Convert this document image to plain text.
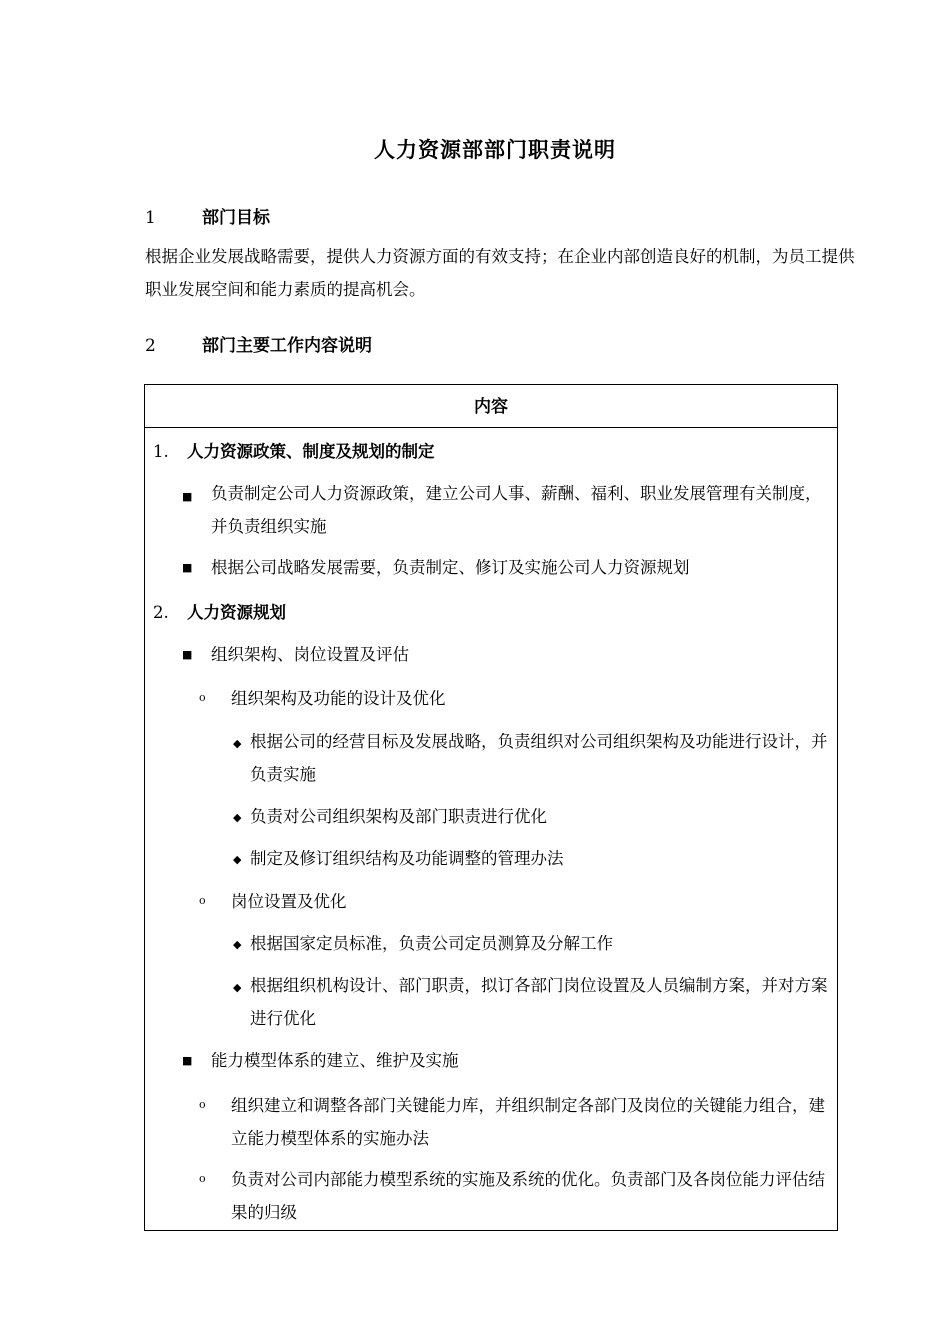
人力资源部部门职责说明
1	部门目标
根据企业发展战略需要，提供人力资源方面的有效支持；在企业内部创造良好的机制，为员工提供职业发展空间和能力素质的提高机会。
2	部门主要工作内容说明
内容
1. 人力资源政策、制度及规划的制定
■ 负责制定公司人力资源政策，建立公司人事、薪酬、福利、职业发展管理有关制度，并负责组织实施
■ 根据公司战略发展需要，负责制定、修订及实施公司人力资源规划
2. 人力资源规划
■ 组织架构、岗位设置及评估
o 组织架构及功能的设计及优化
◆ 根据公司的经营目标及发展战略，负责组织对公司组织架构及功能进行设计，并负责实施
◆ 负责对公司组织架构及部门职责进行优化
◆ 制定及修订组织结构及功能调整的管理办法
o 岗位设置及优化
◆ 根据国家定员标准，负责公司定员测算及分解工作
◆ 根据组织机构设计、部门职责，拟订各部门岗位设置及人员编制方案，并对方案进行优化
■ 能力模型体系的建立、维护及实施
o 组织建立和调整各部门关键能力库，并组织制定各部门及岗位的关键能力组合，建立能力模型体系的实施办法
o 负责对公司内部能力模型系统的实施及系统的优化。负责部门及各岗位能力评估结果的归级
